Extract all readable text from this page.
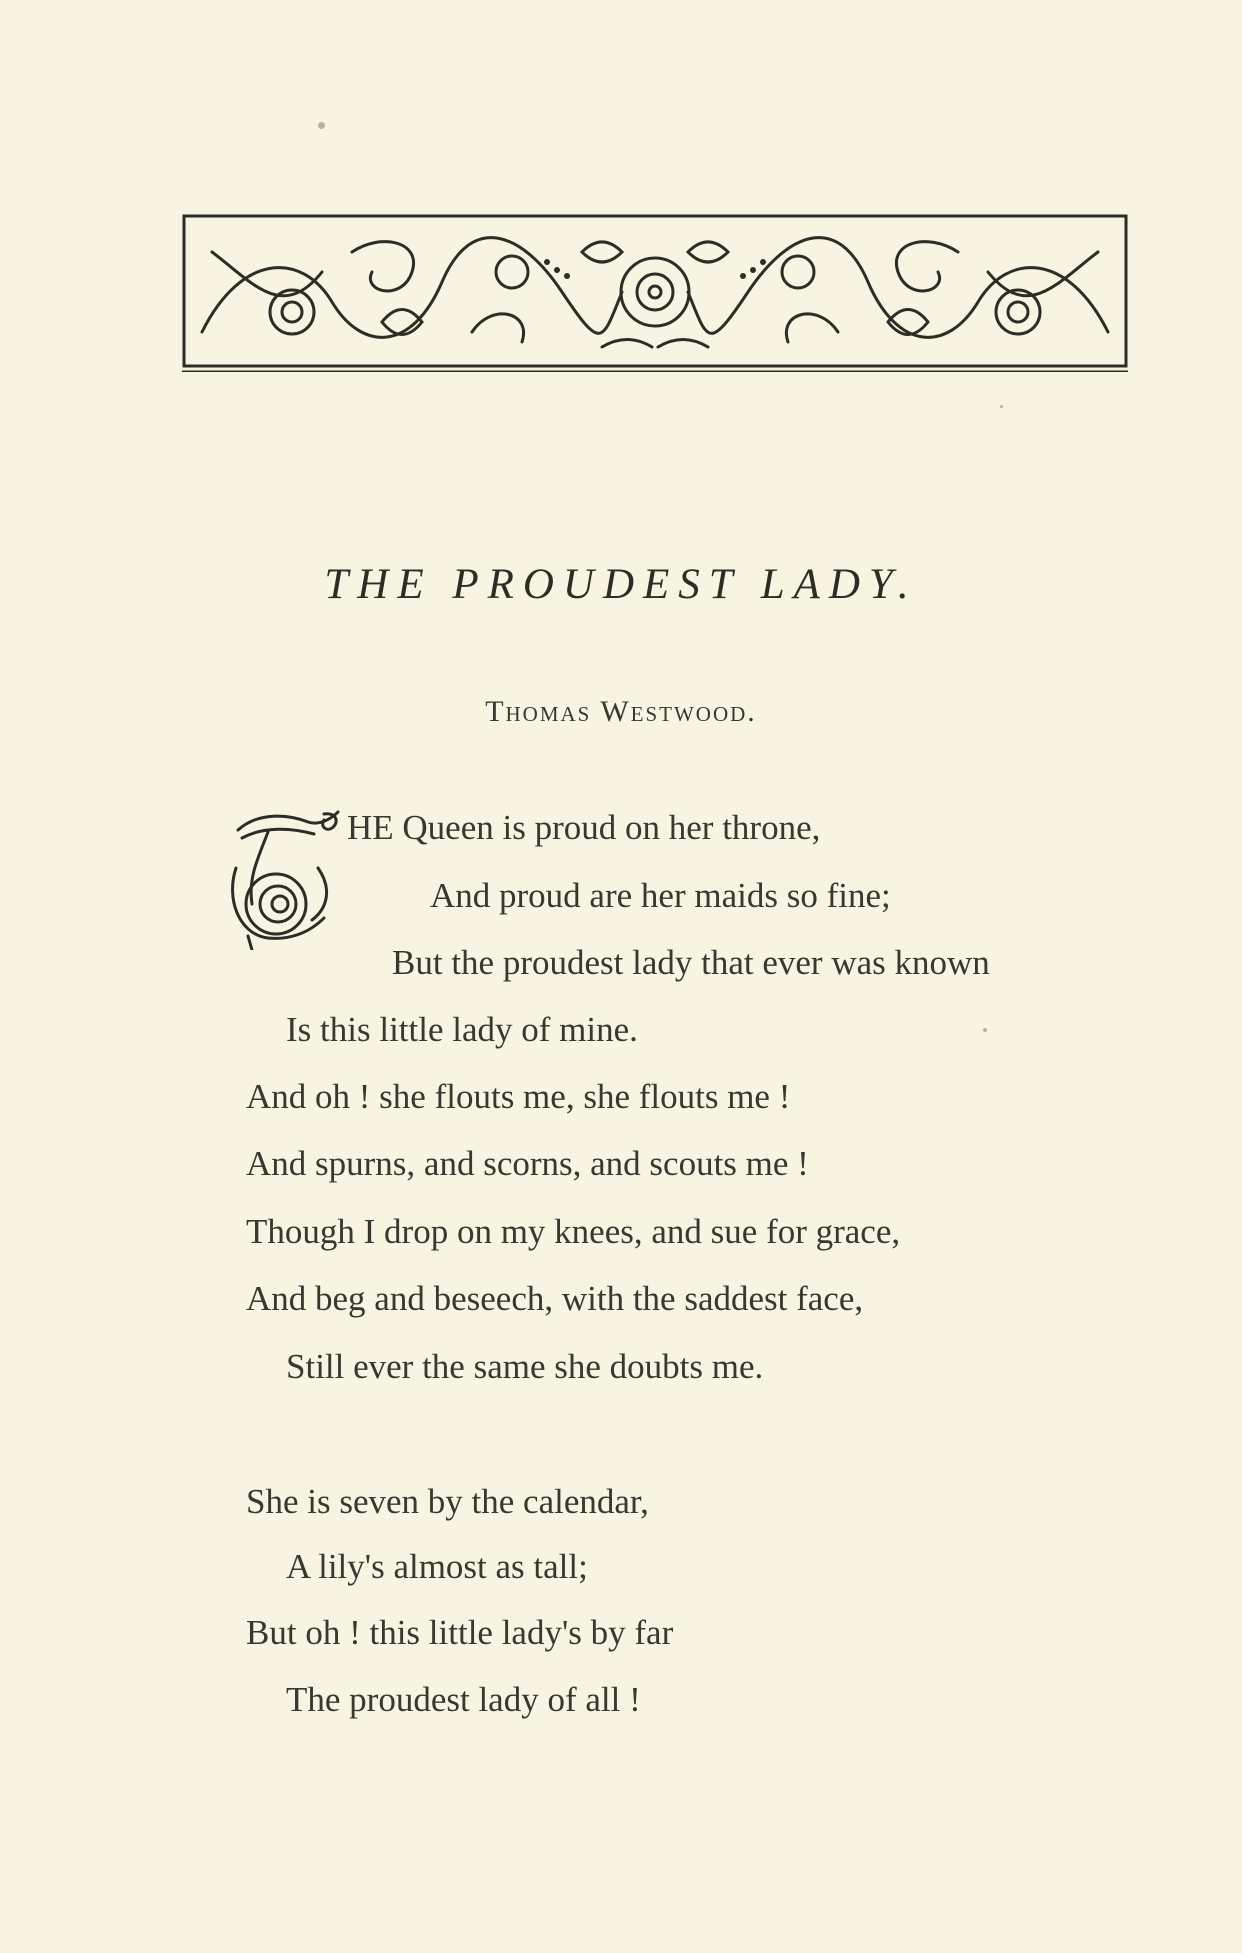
THE PROUDEST LADY.
Thomas Westwood.
HE Queen is proud on her throne,
And proud are her maids so fine;
But the proudest lady that ever was known
Is this little lady of mine.
And oh ! she flouts me, she flouts me !
And spurns, and scorns, and scouts me !
Though I drop on my knees, and sue for grace,
And beg and beseech, with the saddest face,
Still ever the same she doubts me.
She is seven by the calendar,
A lily's almost as tall;
But oh ! this little lady's by far
The proudest lady of all !
